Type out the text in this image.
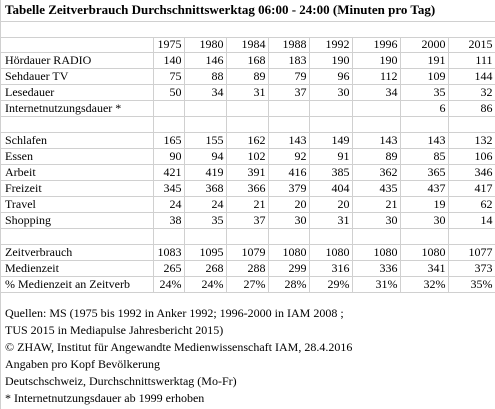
Tabelle Zeitverbrauch Durchschnittswerktag 06:00 - 24:00 (Minuten pro Tag)
	1975	1980	1984	1988	1992	1996	2000	2015
Hördauer RADIO	140	146	168	183	190	190	191	111
Sehdauer TV	75	88	89	79	96	112	109	144
Lesedauer	50	34	31	37	30	34	35	32
Internetnutzungsdauer *							6	86

Schlafen	165	155	162	143	149	143	143	132
Essen	90	94	102	92	91	89	85	106
Arbeit	421	419	391	416	385	362	365	346
Freizeit	345	368	366	379	404	435	437	417
Travel	24	24	21	20	20	21	19	62
Shopping	38	35	37	30	31	30	30	14

Zeitverbrauch	1083	1095	1079	1080	1080	1080	1080	1077
Medienzeit	265	268	288	299	316	336	341	373
% Medienzeit an Zeitverb	24%	24%	27%	28%	29%	31%	32%	35%
Quellen: MS (1975 bis 1992 in Anker 1992; 1996-2000 in IAM 2008 ;
TUS 2015 in Mediapulse Jahresbericht 2015)
© ZHAW, Institut für Angewandte Medienwissenschaft IAM, 28.4.2016
Angaben pro Kopf Bevölkerung
Deutschschweiz, Durchschnittswerktag (Mo-Fr)
* Internetnutzungsdauer ab 1999 erhoben
